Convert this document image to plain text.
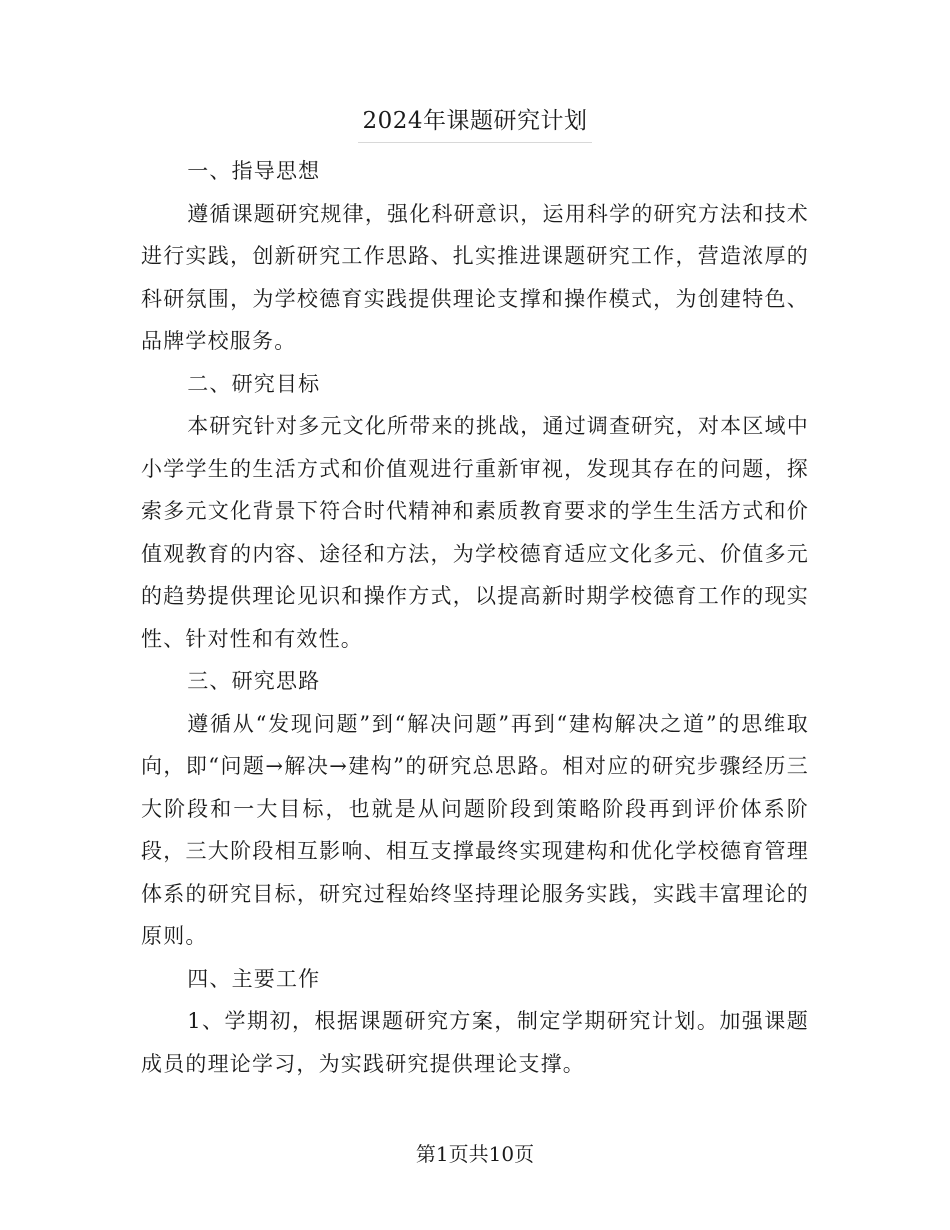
2024年课题研究计划

一、指导思想

遵循课题研究规律，强化科研意识，运用科学的研究方法和技术进行实践，创新研究工作思路、扎实推进课题研究工作，营造浓厚的科研氛围，为学校德育实践提供理论支撑和操作模式，为创建特色、品牌学校服务。

二、研究目标

本研究针对多元文化所带来的挑战，通过调查研究，对本区域中小学学生的生活方式和价值观进行重新审视，发现其存在的问题，探索多元文化背景下符合时代精神和素质教育要求的学生生活方式和价值观教育的内容、途径和方法，为学校德育适应文化多元、价值多元的趋势提供理论见识和操作方式，以提高新时期学校德育工作的现实性、针对性和有效性。

三、研究思路

遵循从“发现问题”到“解决问题”再到“建构解决之道”的思维取向，即“问题→解决→建构”的研究总思路。相对应的研究步骤经历三大阶段和一大目标，也就是从问题阶段到策略阶段再到评价体系阶段，三大阶段相互影响、相互支撑最终实现建构和优化学校德育管理体系的研究目标，研究过程始终坚持理论服务实践，实践丰富理论的原则。

四、主要工作

1、学期初，根据课题研究方案，制定学期研究计划。加强课题成员的理论学习，为实践研究提供理论支撑。

第1页共10页
